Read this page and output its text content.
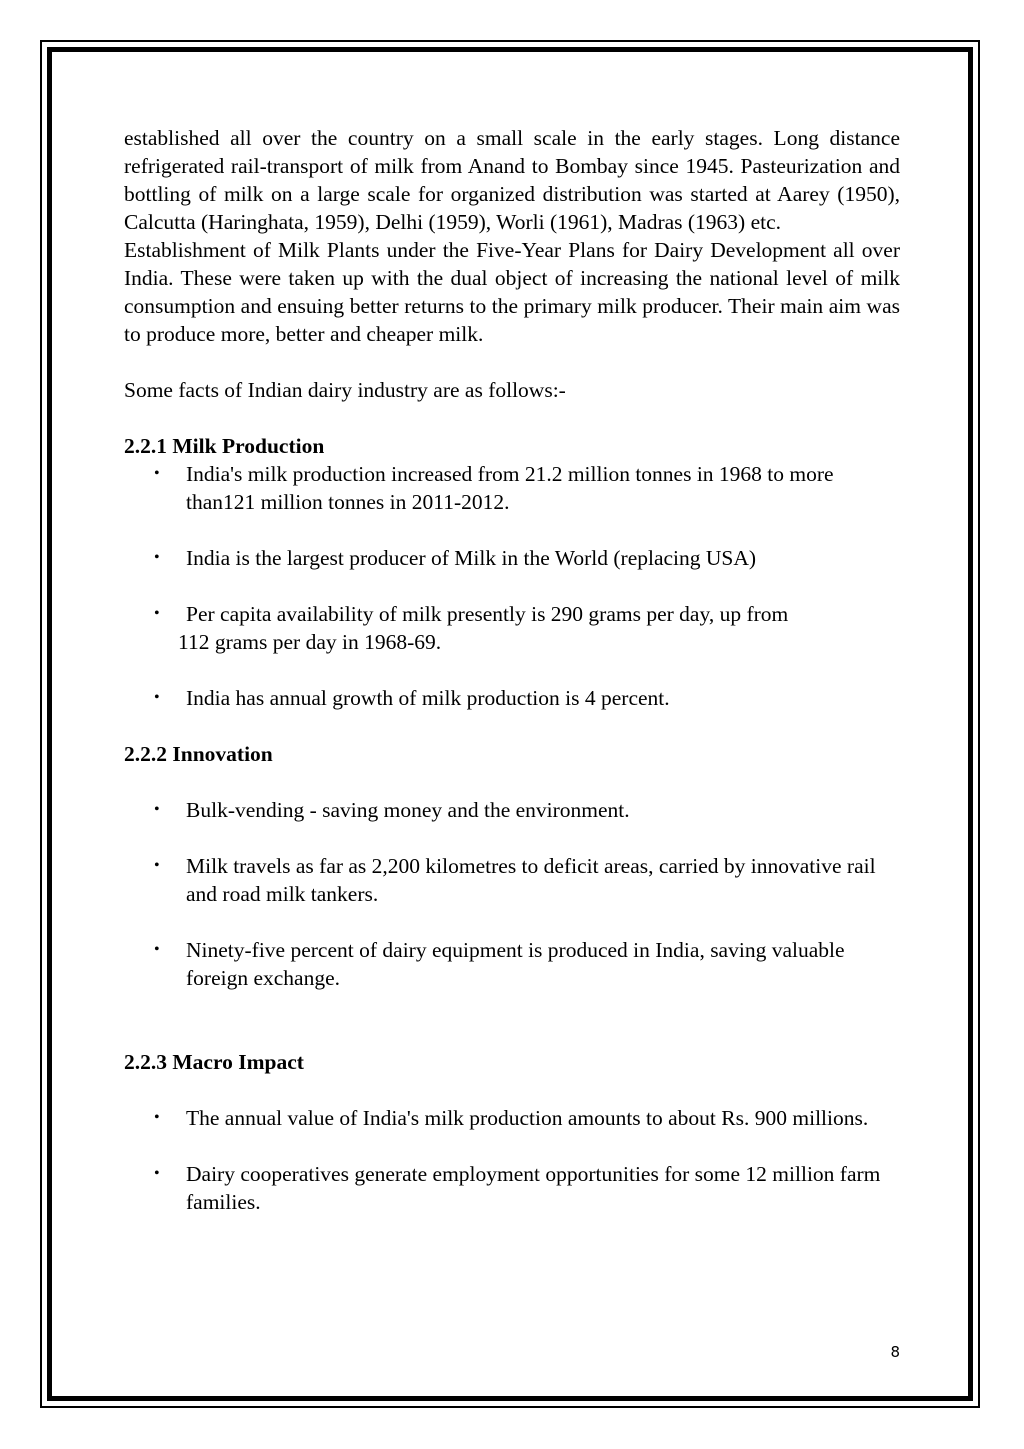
established all over the country on a small scale in the early stages. Long distance refrigerated rail-transport of milk from Anand to Bombay since 1945. Pasteurization and bottling of milk on a large scale for organized distribution was started at Aarey (1950), Calcutta (Haringhata, 1959), Delhi (1959), Worli (1961), Madras (1963) etc.

Establishment of Milk Plants under the Five-Year Plans for Dairy Development all over India. These were taken up with the dual object of increasing the national level of milk consumption and ensuing better returns to the primary milk producer. Their main aim was to produce more, better and cheaper milk.

Some facts of Indian dairy industry are as follows:-

2.2.1 Milk Production

• India's milk production increased from 21.2 million tonnes in 1968 to more than121 million tonnes in 2011-2012.
• India is the largest producer of Milk in the World (replacing USA)
• Per capita availability of milk presently is 290 grams per day, up from
112 grams per day in 1968-69.
• India has annual growth of milk production is 4 percent.

2.2.2 Innovation

• Bulk-vending - saving money and the environment.
• Milk travels as far as 2,200 kilometres to deficit areas, carried by innovative rail and road milk tankers.
• Ninety-five percent of dairy equipment is produced in India, saving valuable foreign exchange.

2.2.3 Macro Impact

• The annual value of India's milk production amounts to about Rs. 900 millions.
• Dairy cooperatives generate employment opportunities for some 12 million farm families.
8
